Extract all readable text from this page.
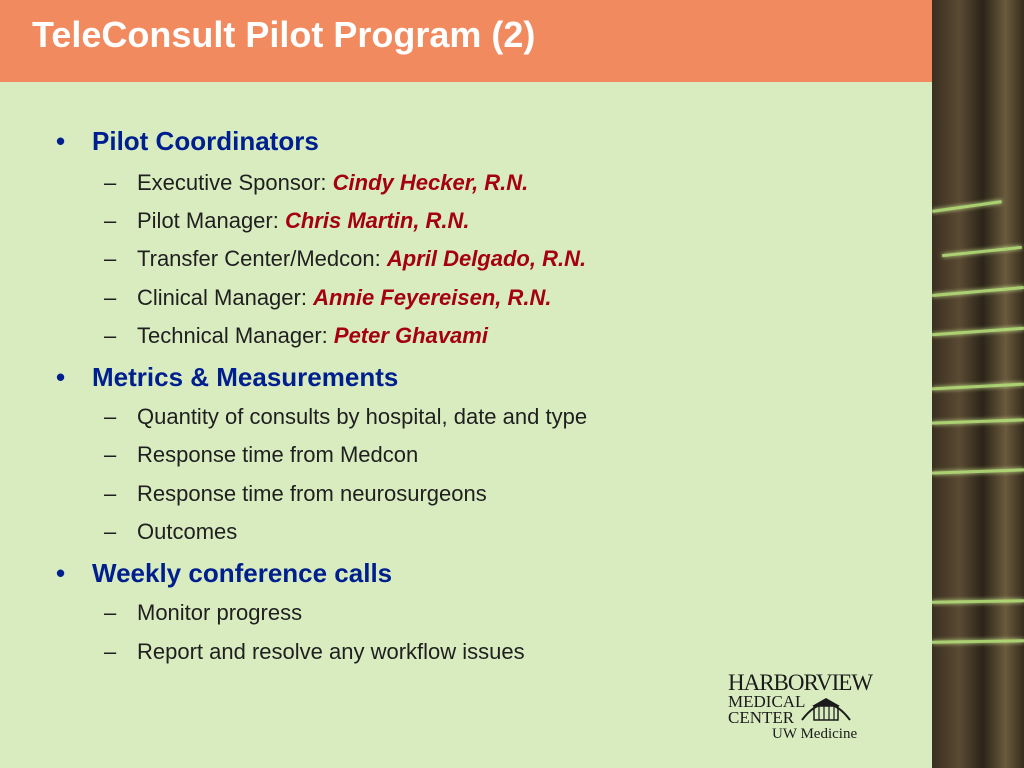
TeleConsult Pilot Program (2)
• Pilot Coordinators
– Executive Sponsor: Cindy Hecker, R.N.
– Pilot Manager: Chris Martin, R.N.
– Transfer Center/Medcon: April Delgado, R.N.
– Clinical Manager: Annie Feyereisen, R.N.
– Technical Manager: Peter Ghavami
• Metrics & Measurements
– Quantity of consults by hospital, date and type
– Response time from Medcon
– Response time from neurosurgeons
– Outcomes
• Weekly conference calls
– Monitor progress
– Report and resolve any workflow issues
HARBORVIEW
MEDICAL
CENTER
UW Medicine
